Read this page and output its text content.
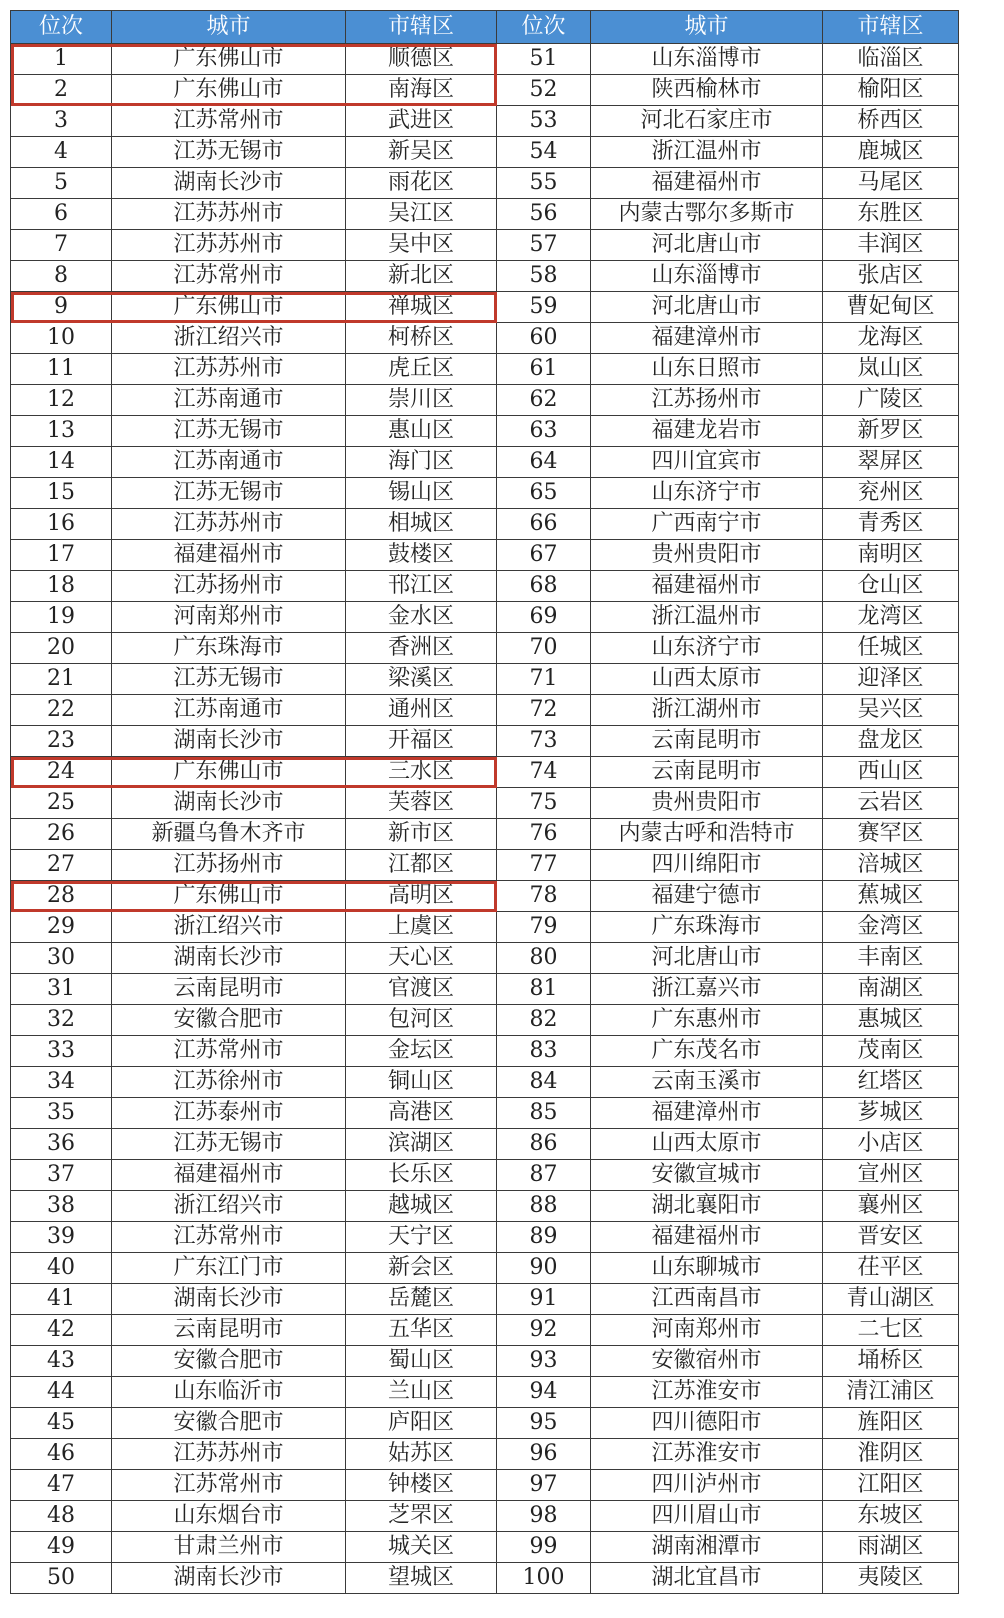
位次	城市	市辖区	位次	城市	市辖区
1	广东佛山市	顺德区	51	山东淄博市	临淄区
2	广东佛山市	南海区	52	陕西榆林市	榆阳区
3	江苏常州市	武进区	53	河北石家庄市	桥西区
4	江苏无锡市	新吴区	54	浙江温州市	鹿城区
5	湖南长沙市	雨花区	55	福建福州市	马尾区
6	江苏苏州市	吴江区	56	内蒙古鄂尔多斯市	东胜区
7	江苏苏州市	吴中区	57	河北唐山市	丰润区
8	江苏常州市	新北区	58	山东淄博市	张店区
9	广东佛山市	禅城区	59	河北唐山市	曹妃甸区
10	浙江绍兴市	柯桥区	60	福建漳州市	龙海区
11	江苏苏州市	虎丘区	61	山东日照市	岚山区
12	江苏南通市	崇川区	62	江苏扬州市	广陵区
13	江苏无锡市	惠山区	63	福建龙岩市	新罗区
14	江苏南通市	海门区	64	四川宜宾市	翠屏区
15	江苏无锡市	锡山区	65	山东济宁市	兖州区
16	江苏苏州市	相城区	66	广西南宁市	青秀区
17	福建福州市	鼓楼区	67	贵州贵阳市	南明区
18	江苏扬州市	邗江区	68	福建福州市	仓山区
19	河南郑州市	金水区	69	浙江温州市	龙湾区
20	广东珠海市	香洲区	70	山东济宁市	任城区
21	江苏无锡市	梁溪区	71	山西太原市	迎泽区
22	江苏南通市	通州区	72	浙江湖州市	吴兴区
23	湖南长沙市	开福区	73	云南昆明市	盘龙区
24	广东佛山市	三水区	74	云南昆明市	西山区
25	湖南长沙市	芙蓉区	75	贵州贵阳市	云岩区
26	新疆乌鲁木齐市	新市区	76	内蒙古呼和浩特市	赛罕区
27	江苏扬州市	江都区	77	四川绵阳市	涪城区
28	广东佛山市	高明区	78	福建宁德市	蕉城区
29	浙江绍兴市	上虞区	79	广东珠海市	金湾区
30	湖南长沙市	天心区	80	河北唐山市	丰南区
31	云南昆明市	官渡区	81	浙江嘉兴市	南湖区
32	安徽合肥市	包河区	82	广东惠州市	惠城区
33	江苏常州市	金坛区	83	广东茂名市	茂南区
34	江苏徐州市	铜山区	84	云南玉溪市	红塔区
35	江苏泰州市	高港区	85	福建漳州市	芗城区
36	江苏无锡市	滨湖区	86	山西太原市	小店区
37	福建福州市	长乐区	87	安徽宣城市	宣州区
38	浙江绍兴市	越城区	88	湖北襄阳市	襄州区
39	江苏常州市	天宁区	89	福建福州市	晋安区
40	广东江门市	新会区	90	山东聊城市	茌平区
41	湖南长沙市	岳麓区	91	江西南昌市	青山湖区
42	云南昆明市	五华区	92	河南郑州市	二七区
43	安徽合肥市	蜀山区	93	安徽宿州市	埇桥区
44	山东临沂市	兰山区	94	江苏淮安市	清江浦区
45	安徽合肥市	庐阳区	95	四川德阳市	旌阳区
46	江苏苏州市	姑苏区	96	江苏淮安市	淮阴区
47	江苏常州市	钟楼区	97	四川泸州市	江阳区
48	山东烟台市	芝罘区	98	四川眉山市	东坡区
49	甘肃兰州市	城关区	99	湖南湘潭市	雨湖区
50	湖南长沙市	望城区	100	湖北宜昌市	夷陵区
